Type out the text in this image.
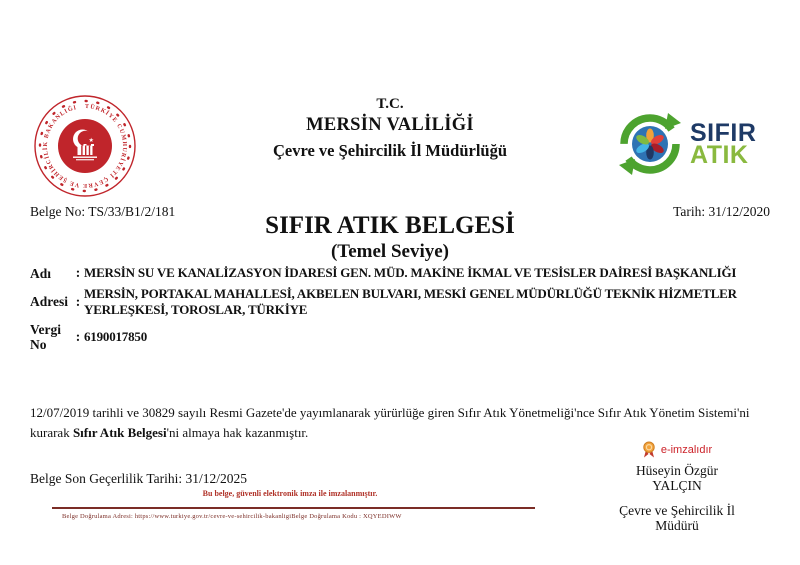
TÜRKİYE CUMHURİYETİ ÇEVRE VE ŞEHİRCİLİK BAKANLIĞI
★
T.C.
MERSİN VALİLİĞİ
Çevre ve Şehircilik İl Müdürlüğü
SIFIR
ATIK
Belge No: TS/33/B1/2/181	Tarih: 31/12/2020
SIFIR ATIK BELGESİ
(Temel Seviye)
Adı	: MERSİN SU VE KANALİZASYON İDARESİ GEN. MÜD. MAKİNE İKMAL VE TESİSLER DAİRESİ BAŞKANLIĞI
Adresi : MERSİN, PORTAKAL MAHALLESİ, AKBELEN BULVARI, MESKİ GENEL MÜDÜRLÜĞÜ TEKNİK HİZMETLER YERLEŞKESİ, TOROSLAR, TÜRKİYE
Vergi No
: 6190017850

12/07/2019 tarihli ve 30829 sayılı Resmi Gazete'de yayımlanarak yürürlüğe giren Sıfır Atık Yönetmeliği'nce Sıfır Atık Yönetim Sistemi'ni kurarak Sıfır Atık Belgesi'ni almaya hak kazanmıştır.

Belge Son Geçerlilik Tarihi: 31/12/2025
e-imzalıdır
Hüseyin Özgür
YALÇIN
Çevre ve Şehircilik İl
Müdürü
Bu belge, güvenli elektronik imza ile imzalanmıştır.
Belge Doğrulama Adresi: https://www.turkiye.gov.tr/cevre-ve-sehircilik-bakanligiBelge Doğrulama Kodu : XQYEDIWW
